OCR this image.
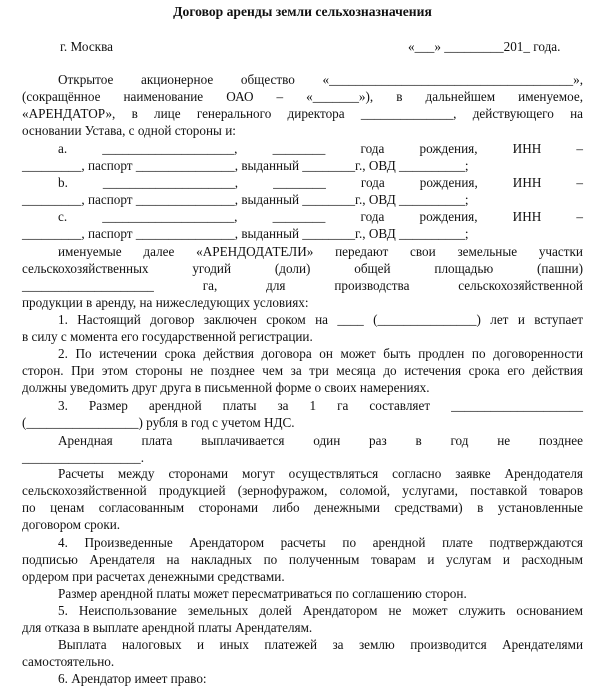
Договор аренды земли сельхозназначения
г. Москва	«___» _________201_ года.
Открытое акционерное общество «_____________________________________»,
(сокращённое наименование ОАО – «_______»), в дальнейшем именуемое,
«АРЕНДАТОР», в лице генерального директора ______________, действующего на
основании Устава, с одной стороны и:
а. ____________________, ________ года рождения, ИНН –
_________, паспорт _______________, выданный ________г., ОВД __________;
b. ____________________, ________ года рождения, ИНН –
_________, паспорт _______________, выданный ________г., ОВД __________;
c. ____________________, ________ года рождения, ИНН –
_________, паспорт _______________, выданный ________г., ОВД __________;
именуемые далее «АРЕНДОДАТЕЛИ» передают свои земельные участки
сельскохозяйственных угодий (доли) общей площадью (пашни)
____________________ га, для производства сельскохозяйственной
продукции в аренду, на нижеследующих условиях:
1. Настоящий договор заключен сроком на ____ (_______________) лет и вступает
в силу с момента его государственной регистрации.
2. По истечении срока действия договора он может быть продлен по договоренности
сторон. При этом стороны не позднее чем за три месяца до истечения срока его действия
должны уведомить друг друга в письменной форме о своих намерениях.
3. Размер арендной платы за 1 га составляет ____________________
(_________________) рубля в год с учетом НДС.
Арендная плата выплачивается один раз в год не позднее
__________________.
Расчеты между сторонами могут осуществляться согласно заявке Арендодателя
сельскохозяйственной продукцией (зернофуражом, соломой, услугами, поставкой товаров
по ценам согласованным сторонами либо денежными средствами) в установленные
договором сроки.
4. Произведенные Арендатором расчеты по арендной плате подтверждаются
подписью Арендателя на накладных по полученным товарам и услугам и расходным
ордером при расчетах денежными средствами.
Размер арендной платы может пересматриваться по соглашению сторон.
5. Неиспользование земельных долей Арендатором не может служить основанием
для отказа в выплате арендной платы Арендателям.
Выплата налоговых и иных платежей за землю производится Арендателями
самостоятельно.
6. Арендатор имеет право:
